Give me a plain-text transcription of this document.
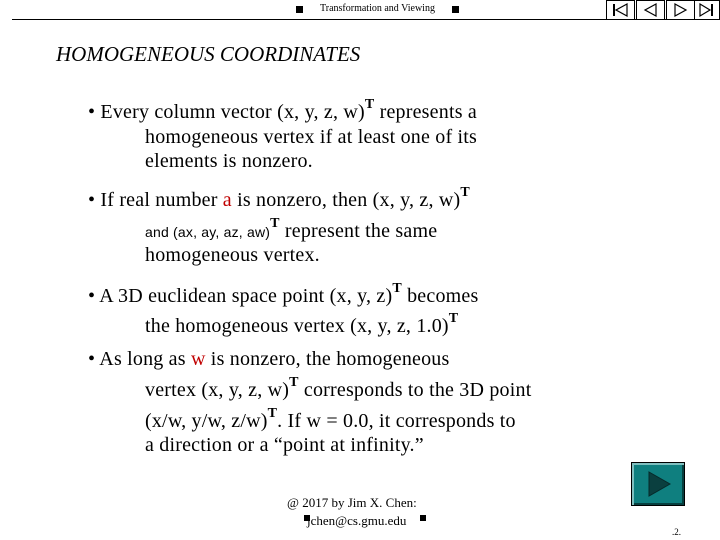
Transformation and Viewing
HOMOGENEOUS COORDINATES
• Every column vector (x, y, z, w)$^T$ represents a
homogeneous vertex if at least one of its
elements is nonzero.
• If real number a is nonzero, then (x, y, z, w)$^T$
and (ax, ay, az, aw)$^T$ represent the same
homogeneous vertex.
• A 3D euclidean space point (x, y, z)$^T$ becomes
the homogeneous vertex (x, y, z, 1.0)$^T$
• As long as w is nonzero, the homogeneous
vertex (x, y, z, w)$^T$ corresponds to the 3D point
(x/w, y/w, z/w)$^T$. If w = 0.0, it corresponds to
a direction or a “point at infinity.”
@ 2017 by Jim X. Chen:
jchen@cs.gmu.edu
.2.
